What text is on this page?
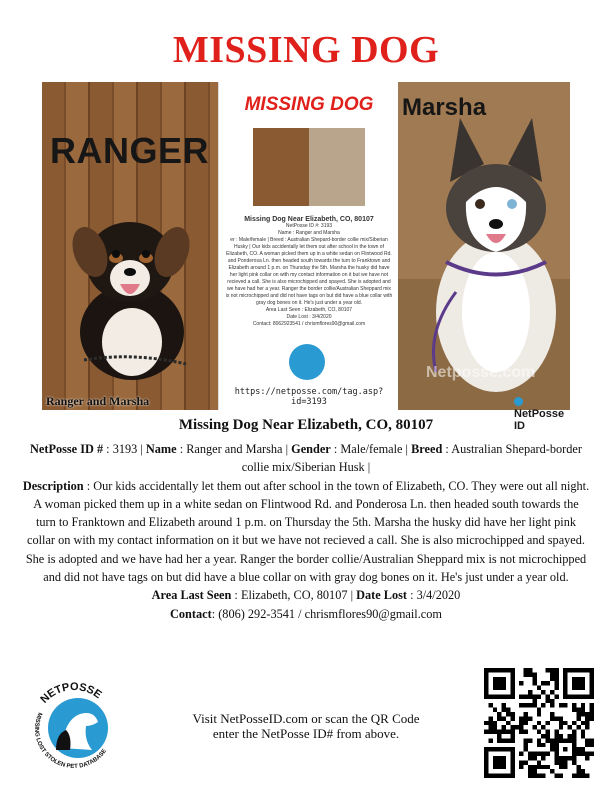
MISSING DOG
RANGER
Ranger and Marsha
MISSING DOG
Missing Dog Near Elizabeth, CO, 80107
NetPosse ID #: 3193
Name : Ranger and Marsha
er : Male/female | Breed : Australian Shepard-border collie mix/Siberian Husky | Our kids accidentally let them out after school in the town of Elizabeth, CO. A woman picked them up in a white sedan on Flintwood Rd. and Ponderosa Ln. then headed south towards the turn to Franktown and Elizabeth around 1 p.m. on Thursday the 5th. Marsha the husky did have her light pink collar on with my contact information on it but we have not recieved a call. She is also microchipped and spayed. She is adopted and we have had her a year. Ranger the border collie/Australian Sheppard mix is not microchipped and did not have tags on but did have a blue collar with gray dog bones on it. He's just under a year old.
Area Last Seen : Elizabeth, CO, 80107
Date Lost : 3/4/2020
Contact: 8062923541 / chrismflores90@gmail.com
https://netposse.com/tag.asp?id=3193
Marsha
Netposse.com
NetPosse ID
Missing Dog Near Elizabeth, CO, 80107

NetPosse ID # : 3193 | Name : Ranger and Marsha | Gender : Male/female | Breed : Australian Shepard-border collie mix/Siberian Husk |

Description : Our kids accidentally let them out after school in the town of Elizabeth, CO. They were out all night. A woman picked them up in a white sedan on Flintwood Rd. and Ponderosa Ln. then headed south towards the turn to Franktown and Elizabeth around 1 p.m. on Thursday the 5th. Marsha the husky did have her light pink collar on with my contact information on it but we have not recieved a call. She is also microchipped and spayed. She is adopted and we have had her a year. Ranger the border collie/Australian Sheppard mix is not microchipped and did not have tags on but did have a blue collar on with gray dog bones on it. He's just under a year old.

Area Last Seen : Elizabeth, CO, 80107 | Date Lost : 3/4/2020

Contact: (806) 292-3541 / chrismflores90@gmail.com

NETPOSSE
MISSING LOST STOLEN PET DATABASE
Visit NetPosseID.com or scan the QR Code
enter the NetPosse ID# from above.
